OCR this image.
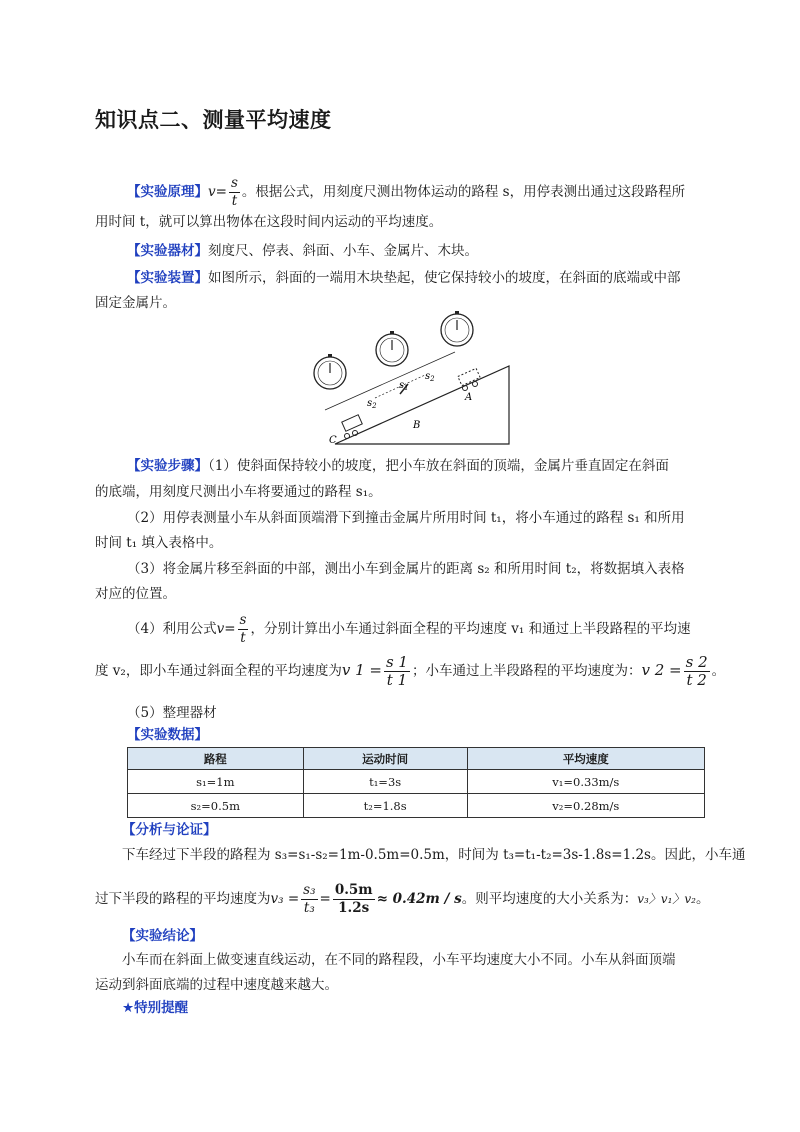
知识点二、测量平均速度
【实验原理】$v= \frac{s}{t}$ 。根据公式，用刻度尺测出物体运动的路程 s，用停表测出通过这段路程所
用时间 t，就可以算出物体在这段时间内运动的平均速度。
【实验器材】刻度尺、停表、斜面、小车、金属片、木块。
【实验装置】如图所示，斜面的一端用木块垫起，使它保持较小的坡度，在斜面的底端或中部
固定金属片。
$s_1$
$s_2$
$s_2$
A
B
C
【实验步骤】（1）使斜面保持较小的坡度，把小车放在斜面的顶端，金属片垂直固定在斜面
的底端，用刻度尺测出小车将要通过的路程 s₁。
（2）用停表测量小车从斜面顶端滑下到撞击金属片所用时间 t₁，将小车通过的路程 s₁ 和所用
时间 t₁ 填入表格中。
（3）将金属片移至斜面的中部，测出小车到金属片的距离 s₂ 和所用时间 t₂，将数据填入表格
对应的位置。
（4）利用公式$v= \frac{s}{t}$ ，分别计算出小车通过斜面全程的平均速度 v₁ 和通过上半段路程的平均速
度 v₂，即小车通过斜面全程的平均速度为v $1 = \frac{s 1}{t 1}$ ；小车通过上半段路程的平均速度为：v $2 = \frac{s 2}{t 2}$ 。
（5）整理器材
【实验数据】
路程	运动时间	平均速度
s₁=1m	t₁=3s	v₁=0.33m/s
s₂=0.5m	t₂=1.8s	v₂=0.28m/s
【分析与论证】
下车经过下半段的路程为 s₃=s₁-s₂=1m-0.5m=0.5m，时间为 t₃=t₁-t₂=3s-1.8s=1.2s。因此，小车通
过下半段的路程的平均速度为$v_3 = \frac{\text{s₃}}{\text{t₃}} = \frac{0.5m}{1.2s} \approx 0.42m / s$。则平均速度的大小关系为：v₃〉v₁〉v₂。
【实验结论】
小车而在斜面上做变速直线运动，在不同的路程段，小车平均速度大小不同。小车从斜面顶端
运动到斜面底端的过程中速度越来越大。
★特别提醒
